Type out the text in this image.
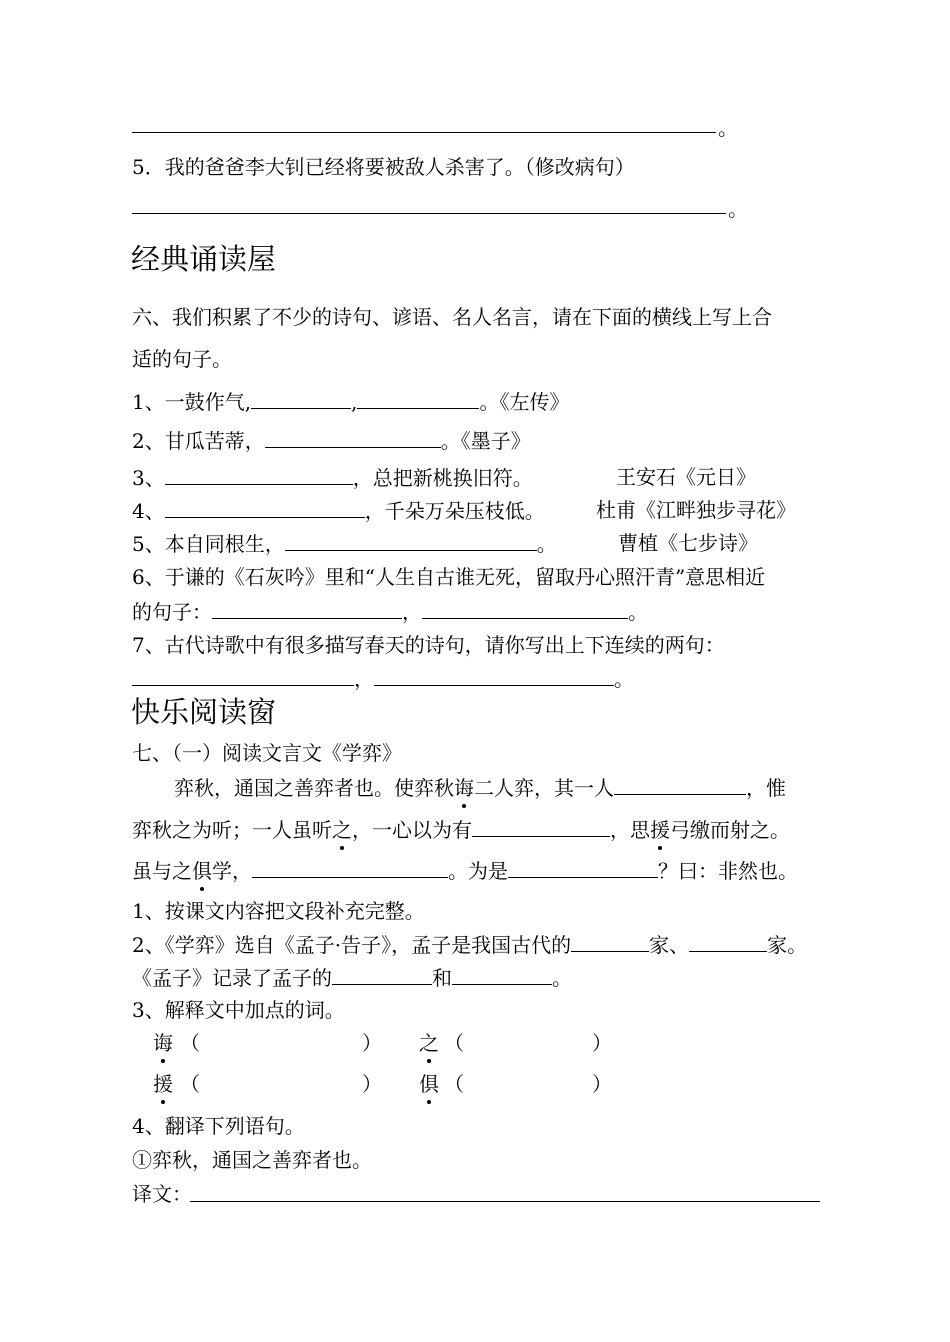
。
5．我的爸爸李大钊已经将要被敌人杀害了。（修改病句）
。
经典诵读屋
六、我们积累了不少的诗句、谚语、名人名言，请在下面的横线上写上合
适的句子。
1、一鼓作气,	,	。《左传》
2、甘瓜苦蒂，	。《墨子》
3、	，总把新桃换旧符。	王安石《元日》
4、	，千朵万朵压枝低。	杜甫《江畔独步寻花》
5、本自同根生，	。	曹植《七步诗》
6、于谦的《石灰吟》里和“人生自古谁无死，留取丹心照汗青”意思相近
的句子：	，	。
7、古代诗歌中有很多描写春天的诗句，请你写出上下连续的两句：
，	。
快乐阅读窗
七、（一）阅读文言文《学弈》
弈秋，通国之善弈者也。使弈秋诲二人弈，其一人	，惟
弈秋之为听；一人虽听之，一心以为有	，思援弓缴而射之。
虽与之俱学，	。为是	？曰：非然也。
1、按课文内容把文段补充完整。
2、《学弈》选自《孟子·告子》，孟子是我国古代的	家、	家。
《孟子》记录了孟子的	和	。
3、解释文中加点的词。
诲 （	） 之 （	）
援 （	） 俱 （	）
4、翻译下列语句。
①弈秋，通国之善弈者也。
译文：
